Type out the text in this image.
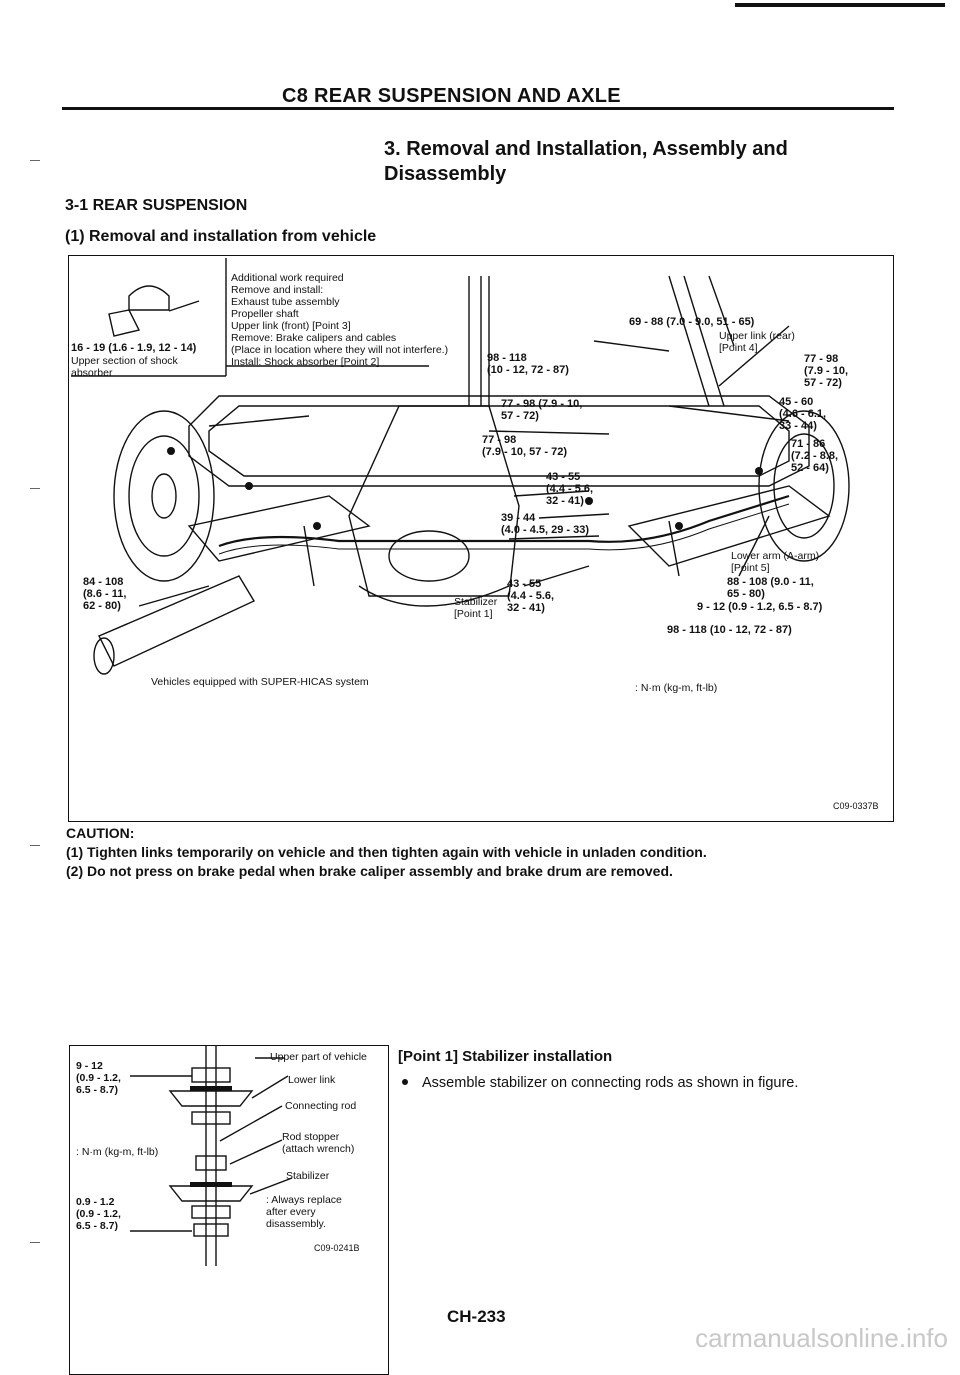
C8 REAR SUSPENSION AND AXLE
3. Removal and Installation, Assembly and Disassembly
3-1 REAR SUSPENSION
(1) Removal and installation from vehicle
Additional work required
Remove and install:
Exhaust tube assembly
Propeller shaft
Upper link (front) [Point 3]
Remove: Brake calipers and cables
(Place in location where they will not interfere.)
Install: Shock absorber [Point 2]
16 - 19 (1.6 - 1.9, 12 - 14)
Upper section of shock
absorber
69 - 88 (7.0 - 9.0, 51 - 65)
Upper link (rear)
[Point 4]
77 - 98
(7.9 - 10,
57 - 72)
98 - 118
(10 - 12, 72 - 87)
77 - 98 (7.9 - 10,
57 - 72)
77 - 98
(7.9 - 10, 57 - 72)
45 - 60
(4.6 - 6.1,
33 - 44)
71 - 86
(7.2 - 8.8,
52 - 64)
43 - 55
(4.4 - 5.6,
32 - 41)
39 - 44
(4.0 - 4.5, 29 - 33)
Lower arm (A-arm)
[Point 5]
88 - 108 (9.0 - 11,
65 - 80)
9 - 12 (0.9 - 1.2, 6.5 - 8.7)
98 - 118 (10 - 12, 72 - 87)
43 - 55
(4.4 - 5.6,
32 - 41)
Stabilizer
[Point 1]
84 - 108
(8.6 - 11,
62 - 80)
Vehicles equipped with SUPER-HICAS system	: N·m (kg-m, ft-lb)
C09-0337B
CAUTION:
(1) Tighten links temporarily on vehicle and then tighten again with vehicle in unladen condition.
(2) Do not press on brake pedal when brake caliper assembly and brake drum are removed.
Upper part of vehicle
9 - 12
(0.9 - 1.2,
6.5 - 8.7)
Lower link
Connecting rod
: N·m (kg-m, ft-lb)
Rod stopper
(attach wrench)
Stabilizer
0.9 - 1.2
(0.9 - 1.2,
6.5 - 8.7)
: Always replace
after every
disassembly.
C09-0241B
[Point 1] Stabilizer installation
Assemble stabilizer on connecting rods as shown in figure.
CH-233
carmanualsonline.info
